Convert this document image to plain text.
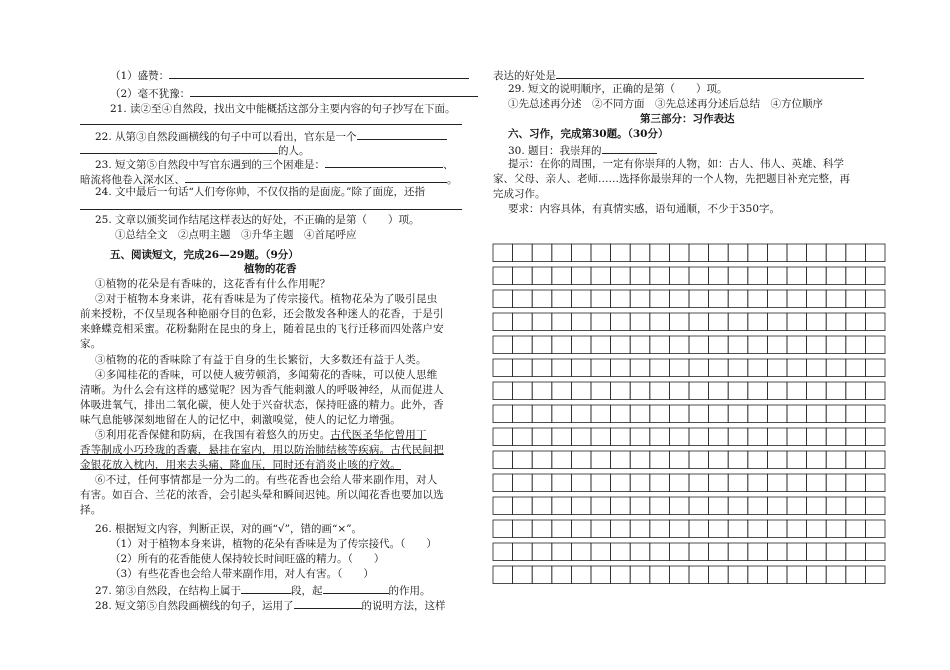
（1）盛赞：
（2）毫不犹豫：
21. 读②至④自然段，找出文中能概括这部分主要内容的句子抄写在下面。
22. 从第③自然段画横线的句子中可以看出，官东是一个
的人。
23. 短文第⑤自然段中写官东遇到的三个困难是：	、
暗流将他卷入深水区、	。
24. 文中最后一句话“人们夸你帅，不仅仅指的是面庞。”除了面庞，还指
25. 文章以颁奖词作结尾这样表达的好处，不正确的是第（　　）项。
①总结全文　②点明主题　③升华主题　④首尾呼应
五、阅读短文，完成26—29题。（9分）
植物的花香
①植物的花朵是有香味的，这花香有什么作用呢？
②对于植物本身来讲，花有香味是为了传宗接代。植物花朵为了吸引昆虫
前来授粉，不仅呈现各种艳丽夺目的色彩，还会散发各种迷人的花香，于是引
来蜂蝶竞相采蜜。花粉黏附在昆虫的身上，随着昆虫的飞行迁移而四处落户安
家。
③植物的花的香味除了有益于自身的生长繁衍，大多数还有益于人类。
④多闻桂花的香味，可以使人疲劳顿消，多闻菊花的香味，可以使人思维
清晰。为什么会有这样的感觉呢？因为香气能刺激人的呼吸神经，从而促进人
体吸进氧气，排出二氧化碳，使人处于兴奋状态，保持旺盛的精力。此外，香
味气息能够深刻地留在人的记忆中，刺激嗅觉，使人的记忆力增强。
⑤利用花香保健和防病，在我国有着悠久的历史。古代医圣华佗曾用丁
香等制成小巧玲珑的香囊，悬挂在室内，用以防治肺结核等疾病。古代民间把
金银花放入枕内，用来去头痛、降血压，同时还有消炎止咳的疗效。
⑥不过，任何事情都是一分为二的。有些花香也会给人带来副作用，对人
有害。如百合、兰花的浓香，会引起头晕和瞬间迟钝。所以闻花香也要加以选
择。
26. 根据短文内容，判断正误，对的画“√”，错的画“×”。
（1）对于植物本身来讲，植物的花朵有香味是为了传宗接代。（　　）
（2）所有的花香能使人保持较长时间旺盛的精力。（　　）
（3）有些花香也会给人带来副作用，对人有害。（　　）
27. 第③自然段，在结构上属于	段，起	的作用。
28. 短文第⑤自然段画横线的句子，运用了	的说明方法，这样
表达的好处是
29. 短文的说明顺序，正确的是第（　　）项。
①先总述再分述　②不同方面　③先总述再分述后总结　④方位顺序
第三部分：习作表达
六、习作，完成第30题。（30分）
30. 题目：我崇拜的
提示：在你的周围，一定有你崇拜的人物，如：古人、伟人、英雄、科学
家、父母、亲人、老师……选择你最崇拜的一个人物，先把题目补充完整，再
完成习作。
要求：内容具体，有真情实感，语句通顺，不少于350字。
